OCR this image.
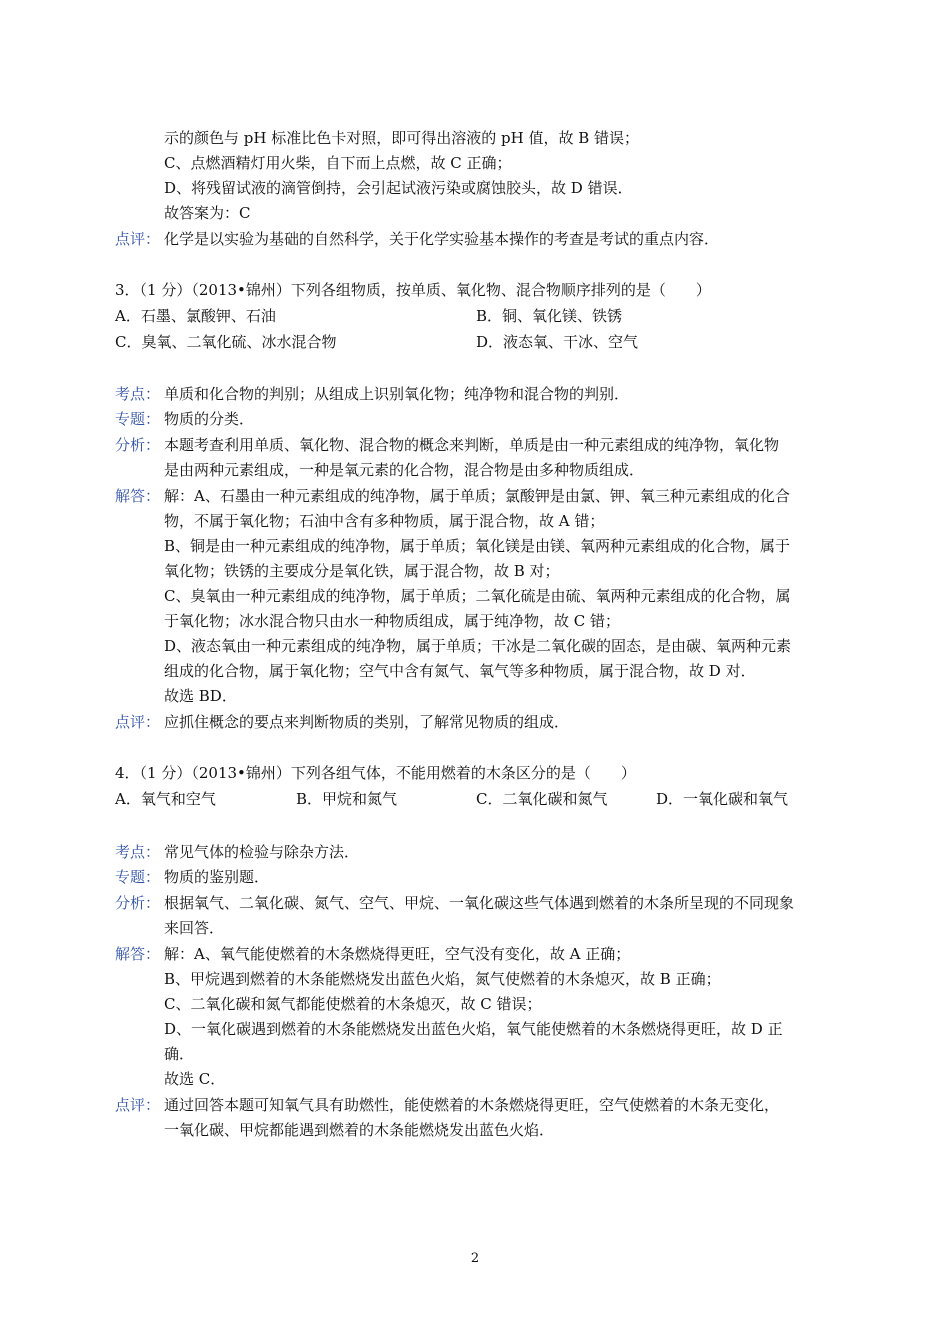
示的颜色与 pH 标准比色卡对照，即可得出溶液的 pH 值，故 B 错误；
C、点燃酒精灯用火柴，自下而上点燃，故 C 正确；
D、将残留试液的滴管倒持，会引起试液污染或腐蚀胶头，故 D 错误．
故答案为：C
点评： 化学是以实验为基础的自然科学，关于化学实验基本操作的考查是考试的重点内容．
3．（1 分）（2013•锦州）下列各组物质，按单质、氧化物、混合物顺序排列的是（　　）
A．石墨、氯酸钾、石油	B．铜、氧化镁、铁锈
C．臭氧、二氧化硫、冰水混合物	D．液态氧、干冰、空气
考点： 单质和化合物的判别；从组成上识别氧化物；纯净物和混合物的判别．
专题： 物质的分类．
分析： 本题考查利用单质、氧化物、混合物的概念来判断，单质是由一种元素组成的纯净物，氧化物
是由两种元素组成，一种是氧元素的化合物，混合物是由多种物质组成．
解答： 解：A、石墨由一种元素组成的纯净物，属于单质；氯酸钾是由氯、钾、氧三种元素组成的化合
物，不属于氧化物；石油中含有多种物质，属于混合物，故 A 错；
B、铜是由一种元素组成的纯净物，属于单质；氧化镁是由镁、氧两种元素组成的化合物，属于
氧化物；铁锈的主要成分是氧化铁，属于混合物，故 B 对；
C、臭氧由一种元素组成的纯净物，属于单质；二氧化硫是由硫、氧两种元素组成的化合物，属
于氧化物；冰水混合物只由水一种物质组成，属于纯净物，故 C 错；
D、液态氧由一种元素组成的纯净物，属于单质；干冰是二氧化碳的固态，是由碳、氧两种元素
组成的化合物，属于氧化物；空气中含有氮气、氧气等多种物质，属于混合物，故 D 对．
故选 BD．
点评： 应抓住概念的要点来判断物质的类别，了解常见物质的组成．
4．（1 分）（2013•锦州）下列各组气体，不能用燃着的木条区分的是（　　）
A．氧气和空气	B．甲烷和氮气	C．二氧化碳和氮气	D．一氧化碳和氧气
考点： 常见气体的检验与除杂方法．
专题： 物质的鉴别题．
分析： 根据氧气、二氧化碳、氮气、空气、甲烷、一氧化碳这些气体遇到燃着的木条所呈现的不同现象
来回答．
解答： 解：A、氧气能使燃着的木条燃烧得更旺，空气没有变化，故 A 正确；
B、甲烷遇到燃着的木条能燃烧发出蓝色火焰，氮气使燃着的木条熄灭，故 B 正确；
C、二氧化碳和氮气都能使燃着的木条熄灭，故 C 错误；
D、一氧化碳遇到燃着的木条能燃烧发出蓝色火焰，氧气能使燃着的木条燃烧得更旺，故 D 正
确．
故选 C．
点评： 通过回答本题可知氧气具有助燃性，能使燃着的木条燃烧得更旺，空气使燃着的木条无变化，
一氧化碳、甲烷都能遇到燃着的木条能燃烧发出蓝色火焰．
2
